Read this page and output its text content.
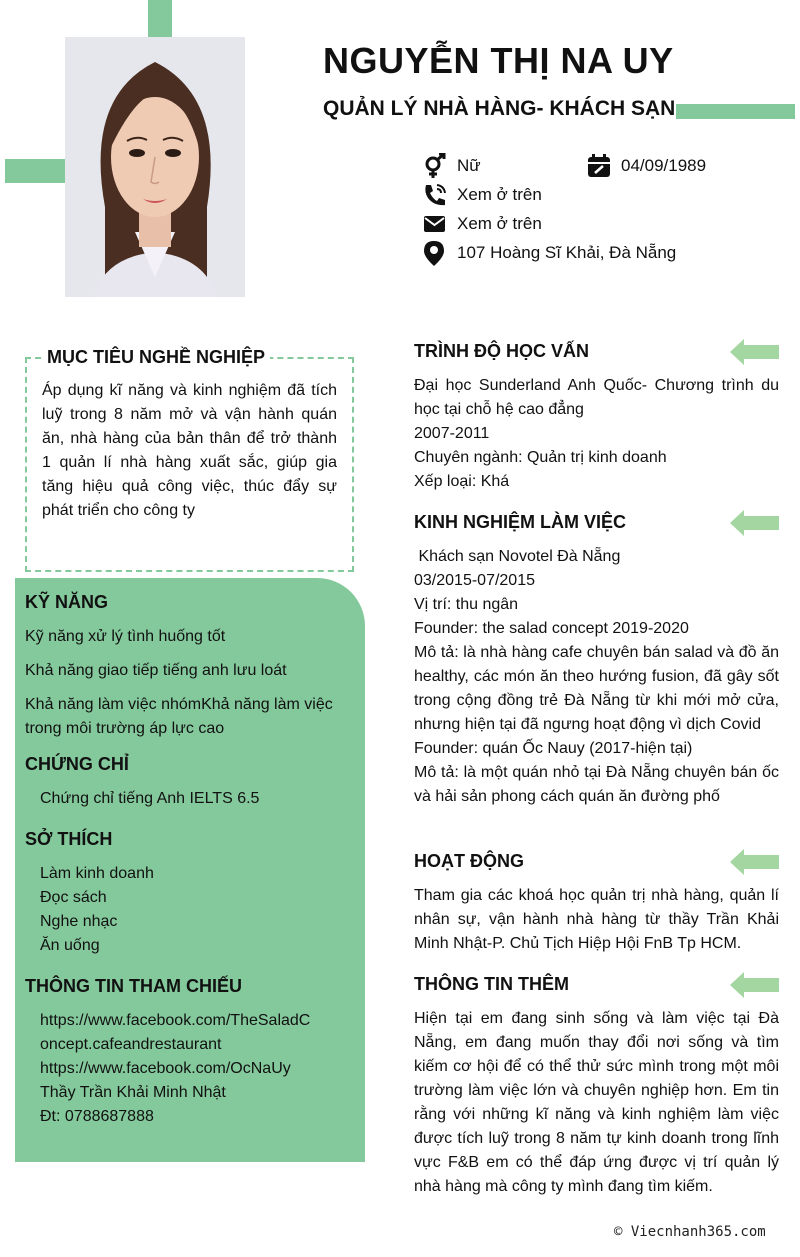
NGUYỄN THỊ NA UY
QUẢN LÝ NHÀ HÀNG- KHÁCH SẠN
Nữ	04/09/1989
Xem ở trên
Xem ở trên
107 Hoàng Sĩ Khải, Đà Nẵng
MỤC TIÊU NGHỀ NGHIỆP
Áp dụng kĩ năng và kinh nghiệm đã tích luỹ trong 8 năm mở và vận hành quán ăn, nhà hàng của bản thân để trở thành 1 quản lí nhà hàng xuất sắc, giúp gia tăng hiệu quả công việc, thúc đẩy sự phát triển cho công ty
KỸ NĂNG
Kỹ năng xử lý tình huống tốt
Khả năng giao tiếp tiếng anh lưu loát
Khả năng làm việc nhómKhả năng làm việc trong môi trường áp lực cao
CHỨNG CHỈ
Chứng chỉ tiếng Anh IELTS 6.5
SỞ THÍCH
Làm kinh doanh
Đọc sách
Nghe nhạc
Ăn uống
THÔNG TIN THAM CHIẾU
https://www.facebook.com/TheSaladC
oncept.cafeandrestaurant
https://www.facebook.com/OcNaUy
Thầy Trần Khải Minh Nhật
Đt: 0788687888
TRÌNH ĐỘ HỌC VẤN
Đại học Sunderland Anh Quốc- Chương trình du học tại chỗ hệ cao đẳng
2007-2011
Chuyên ngành: Quản trị kinh doanh
Xếp loại: Khá
KINH NGHIỆM LÀM VIỆC
Khách sạn Novotel Đà Nẵng
03/2015-07/2015
Vị trí: thu ngân
Founder: the salad concept 2019-2020
Mô tả: là nhà hàng cafe chuyên bán salad và đồ ăn healthy, các món ăn theo hướng fusion, đã gây sốt trong cộng đồng trẻ Đà Nẵng từ khi mới mở cửa, nhưng hiện tại đã ngưng hoạt động vì dịch Covid
Founder: quán Ốc Nauy (2017-hiện tại)
Mô tả: là một quán nhỏ tại Đà Nẵng chuyên bán ốc và hải sản phong cách quán ăn đường phố
HOẠT ĐỘNG
Tham gia các khoá học quản trị nhà hàng, quản lí nhân sự, vận hành nhà hàng từ thầy Trần Khải Minh Nhật-P. Chủ Tịch Hiệp Hội FnB Tp HCM.
THÔNG TIN THÊM
Hiện tại em đang sinh sống và làm việc tại Đà Nẵng, em đang muốn thay đổi nơi sống và tìm kiếm cơ hội để có thể thử sức mình trong một môi trường làm việc lớn và chuyên nghiệp hơn. Em tin rằng với những kĩ năng và kinh nghiệm làm việc được tích luỹ trong 8 năm tự kinh doanh trong lĩnh vực F&B em có thể đáp ứng được vị trí quản lý nhà hàng mà công ty mình đang tìm kiếm.
© Viecnhanh365.com
